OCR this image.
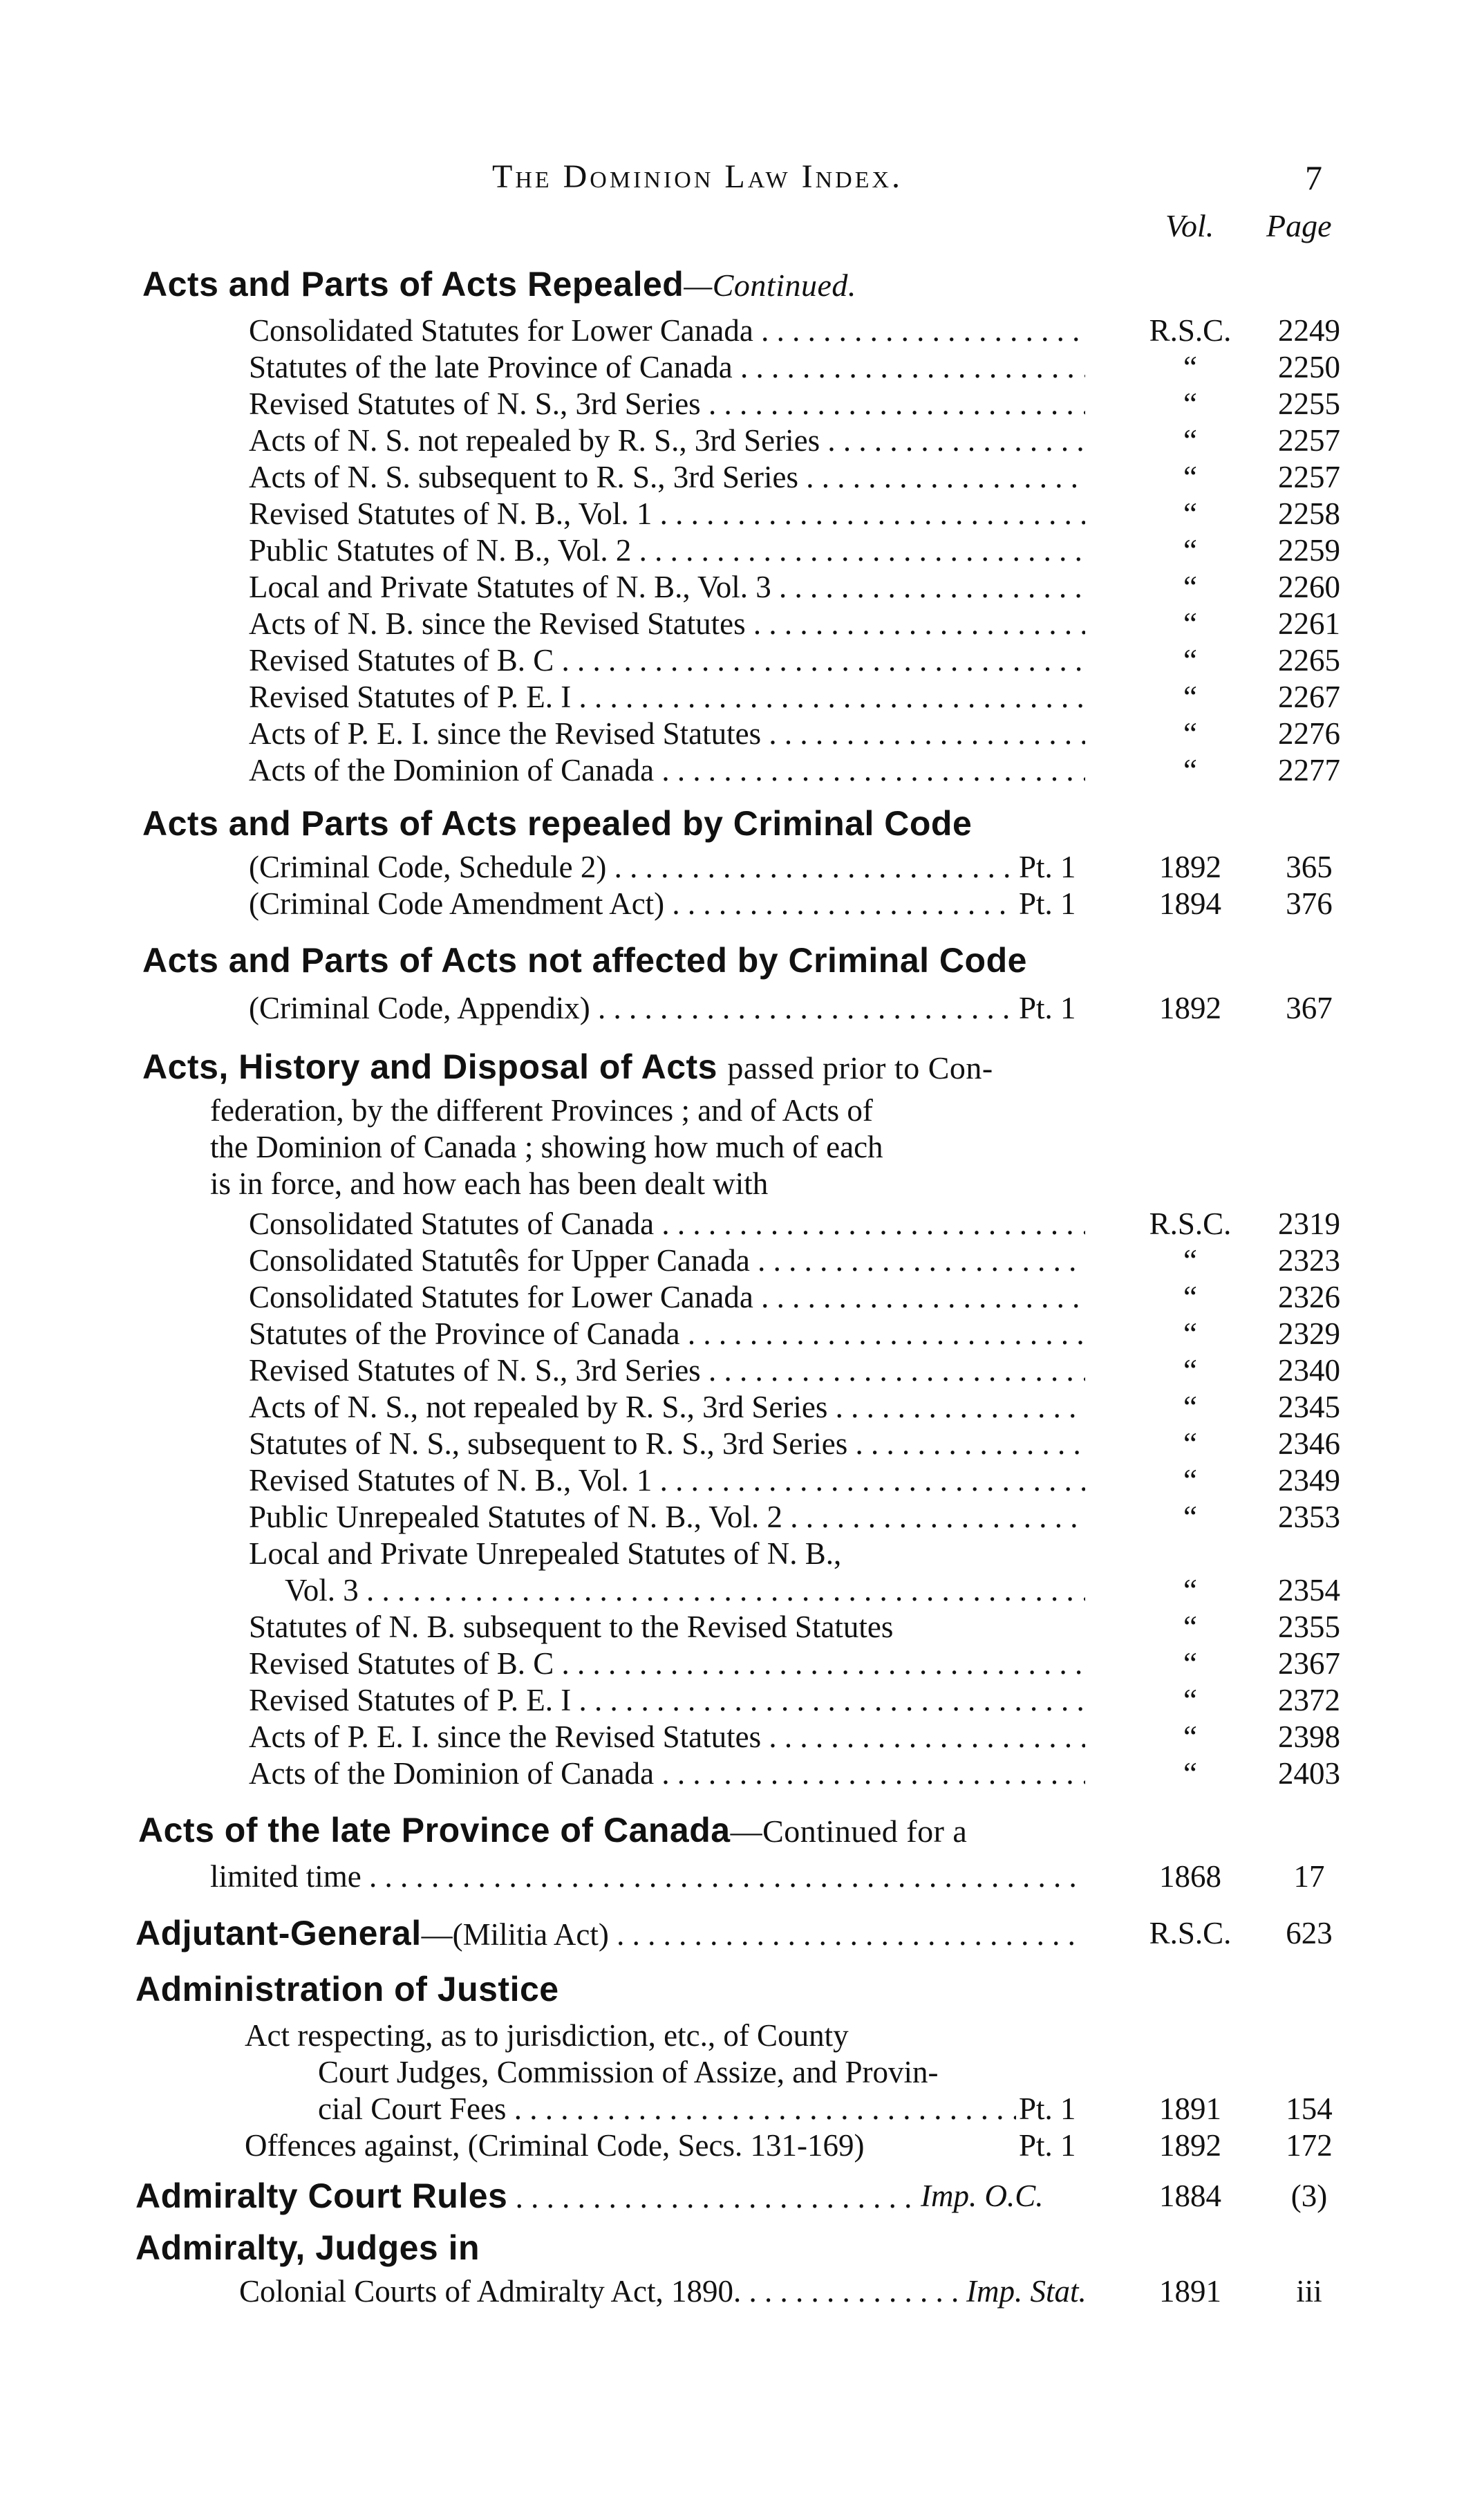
The Dominion Law Index.	7
Vol. Page
Acts and Parts of Acts Repealed—Continued.
Consolidated Statutes for Lower Canada . . .	R.S.C.	2249
Statutes of the late Province of Canada . . .	“	2250
Revised Statutes of N. S., 3rd Series . . .	“	2255
Acts of N. S. not repealed by R. S., 3rd Series . . .	“	2257
Acts of N. S. subsequent to R. S., 3rd Series . . .	“	2257
Revised Statutes of N. B., Vol. 1 . . .	“	2258
Public Statutes of N. B., Vol. 2 . . .	“	2259
Local and Private Statutes of N. B., Vol. 3 . . .	“	2260
Acts of N. B. since the Revised Statutes . . .	“	2261
Revised Statutes of B. C . . .	“	2265
Revised Statutes of P. E. I . . .	“	2267
Acts of P. E. I. since the Revised Statutes . . .	“	2276
Acts of the Dominion of Canada . . .	“	2277
Acts and Parts of Acts repealed by Criminal Code
(Criminal Code, Schedule 2) . . .	Pt. 1	1892	365
(Criminal Code Amendment Act) . . .	Pt. 1	1894	376
Acts and Parts of Acts not affected by Criminal Code
(Criminal Code, Appendix) . . .	Pt. 1	1892	367
Acts, History and Disposal of Acts passed prior to Con-
federation, by the different Provinces ; and of Acts of
the Dominion of Canada ; showing how much of each
is in force, and how each has been dealt with
Consolidated Statutes of Canada . . .	R.S.C.	2319
Consolidated Statutês for Upper Canada . . .	“	2323
Consolidated Statutes for Lower Canada . . .	“	2326
Statutes of the Province of Canada . . .	“	2329
Revised Statutes of N. S., 3rd Series . . .	“	2340
Acts of N. S., not repealed by R. S., 3rd Series . . .	“	2345
Statutes of N. S., subsequent to R. S., 3rd Series . . .	“	2346
Revised Statutes of N. B., Vol. 1 . . .	“	2349
Public Unrepealed Statutes of N. B., Vol. 2 . . .	“	2353
Local and Private Unrepealed Statutes of N. B.,
Vol. 3 . . .	“	2354
Statutes of N. B. subsequent to the Revised Statutes	“	2355
Revised Statutes of B. C . . .	“	2367
Revised Statutes of P. E. I . . .	“	2372
Acts of P. E. I. since the Revised Statutes . . .	“	2398
Acts of the Dominion of Canada . . .	“	2403
Acts of the late Province of Canada—Continued for a
limited time . . .	1868	17
Adjutant-General—(Militia Act) . . .	R.S.C.	623
Administration of Justice
Act respecting, as to jurisdiction, etc., of County
Court Judges, Commission of Assize, and Provin-
cial Court Fees . . .	Pt. 1	1891	154
Offences against, (Criminal Code, Secs. 131-169)	Pt. 1	1892	172
Admiralty Court Rules . . .	Imp. O.C.	1884	(3)
Admiralty, Judges in
Colonial Courts of Admiralty Act, 1890. . . .	Imp. Stat.	1891	iii
